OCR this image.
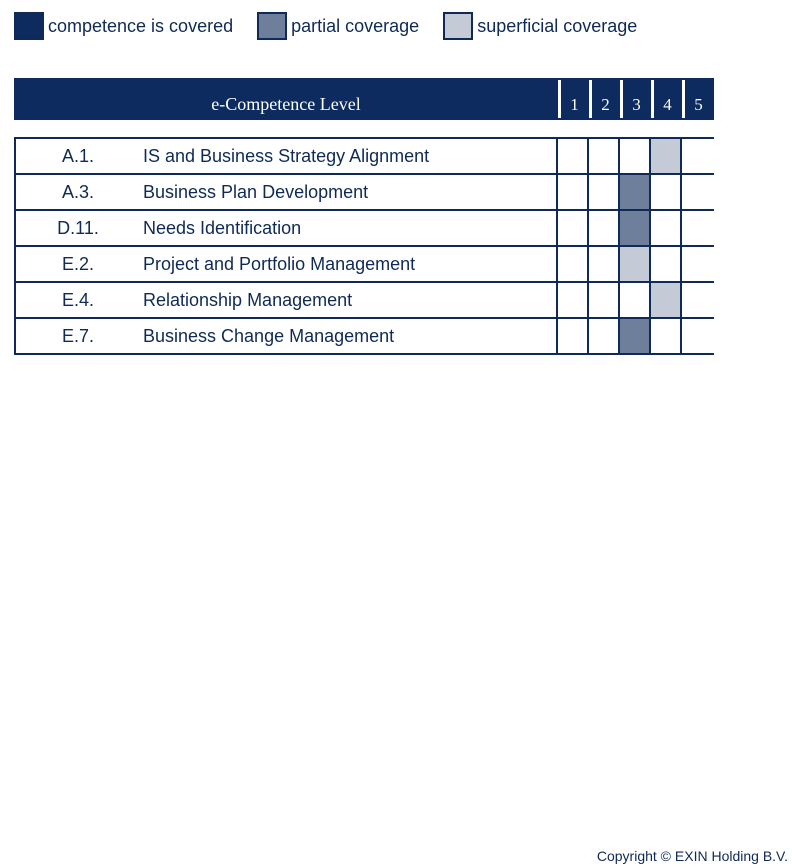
competence is covered	partial coverage	superficial coverage
e-Competence Level	1	2	3	4	5
A.1.	IS and Business Strategy Alignment
A.3.	Business Plan Development
D.11.	Needs Identification
E.2.	Project and Portfolio Management
E.4.	Relationship Management
E.7.	Business Change Management
Copyright © EXIN Holding B.V.
